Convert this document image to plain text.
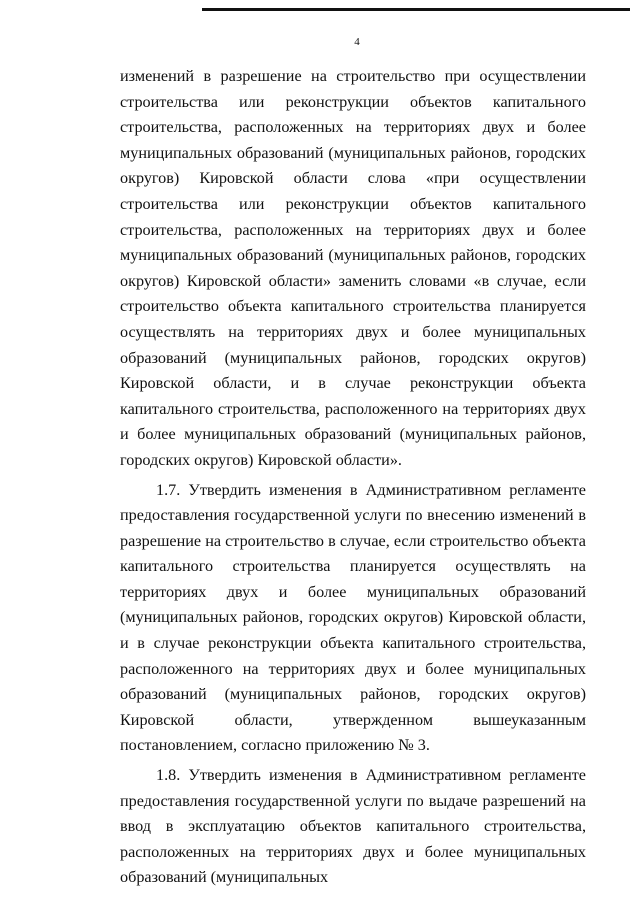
4

изменений в разрешение на строительство при осуществлении строительства или реконструкции объектов капитального строительства, расположенных на территориях двух и более муниципальных образований (муниципальных районов, городских округов) Кировской области слова «при осуществлении строительства или реконструкции объектов капитального строительства, расположенных на территориях двух и более муниципальных образований (муниципальных районов, городских округов) Кировской области» заменить словами «в случае, если строительство объекта капитального строительства планируется осуществлять на территориях двух и более муниципальных образований (муниципальных районов, городских округов) Кировской области, и в случае реконструкции объекта капитального строительства, расположенного на территориях двух и более муниципальных образований (муниципальных районов, городских округов) Кировской области».

1.7. Утвердить изменения в Административном регламенте предоставления государственной услуги по внесению изменений в разрешение на строительство в случае, если строительство объекта капитального строительства планируется осуществлять на территориях двух и более муниципальных образований (муниципальных районов, городских округов) Кировской области, и в случае реконструкции объекта капитального строительства, расположенного на территориях двух и более муниципальных образований (муниципальных районов, городских округов) Кировской области, утвержденном вышеуказанным постановлением, согласно приложению № 3.

1.8. Утвердить изменения в Административном регламенте предоставления государственной услуги по выдаче разрешений на ввод в эксплуатацию объектов капитального строительства, расположенных на территориях двух и более муниципальных образований (муниципальных
